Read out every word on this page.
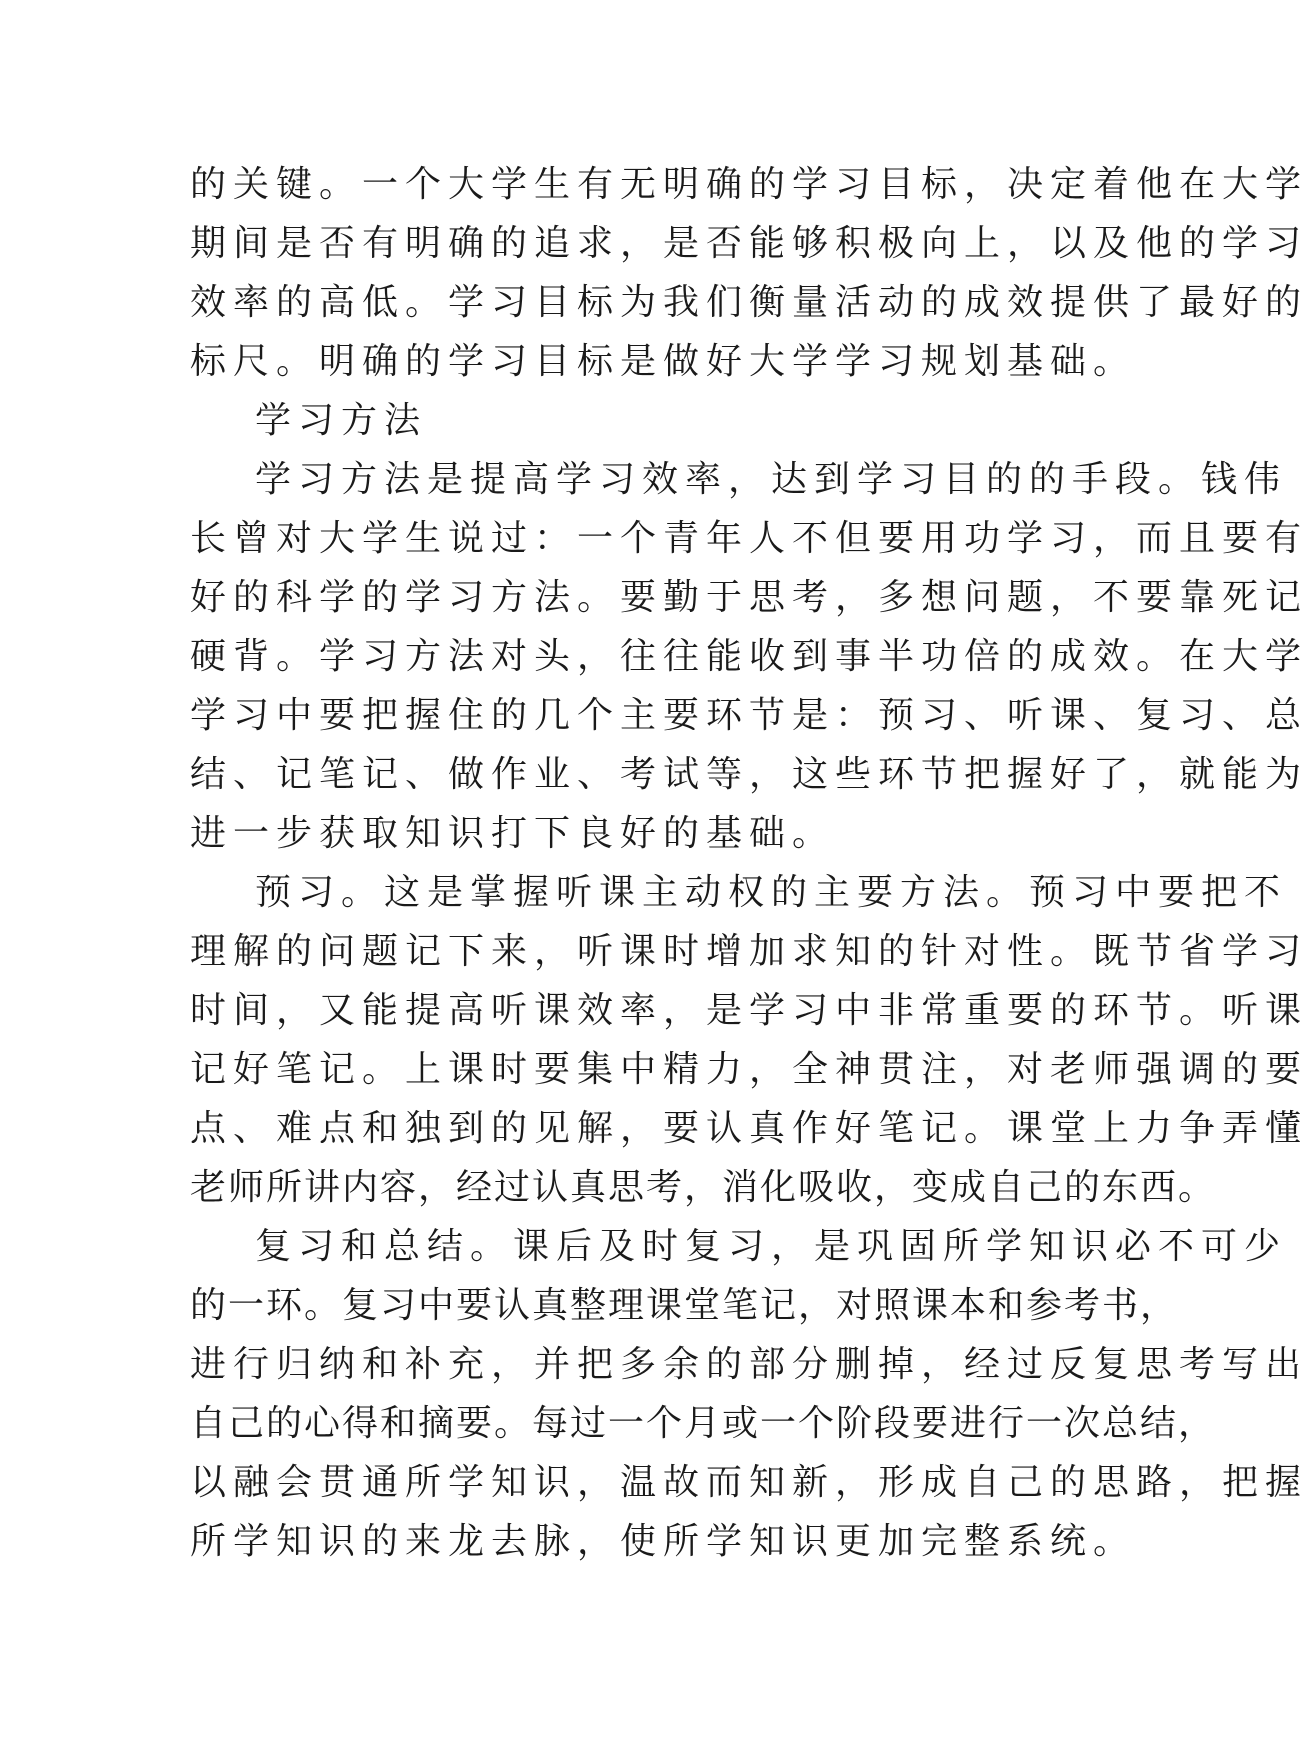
的关键。一个大学生有无明确的学习目标，决定着他在大学
期间是否有明确的追求，是否能够积极向上，以及他的学习
效率的高低。学习目标为我们衡量活动的成效提供了最好的
标尺。明确的学习目标是做好大学学习规划基础。
学习方法
学习方法是提高学习效率，达到学习目的的手段。钱伟
长曾对大学生说过：一个青年人不但要用功学习，而且要有
好的科学的学习方法。要勤于思考，多想问题，不要靠死记
硬背。学习方法对头，往往能收到事半功倍的成效。在大学
学习中要把握住的几个主要环节是：预习、听课、复习、总
结、记笔记、做作业、考试等，这些环节把握好了，就能为
进一步获取知识打下良好的基础。
预习。这是掌握听课主动权的主要方法。预习中要把不
理解的问题记下来，听课时增加求知的针对性。既节省学习
时间，又能提高听课效率，是学习中非常重要的环节。听课
记好笔记。上课时要集中精力，全神贯注，对老师强调的要
点、难点和独到的见解，要认真作好笔记。课堂上力争弄懂
老师所讲内容，经过认真思考，消化吸收，变成自己的东西。
复习和总结。课后及时复习，是巩固所学知识必不可少
的一环。复习中要认真整理课堂笔记，对照课本和参考书，
进行归纳和补充，并把多余的部分删掉，经过反复思考写出
自己的心得和摘要。每过一个月或一个阶段要进行一次总结，
以融会贯通所学知识，温故而知新，形成自己的思路，把握
所学知识的来龙去脉，使所学知识更加完整系统。
